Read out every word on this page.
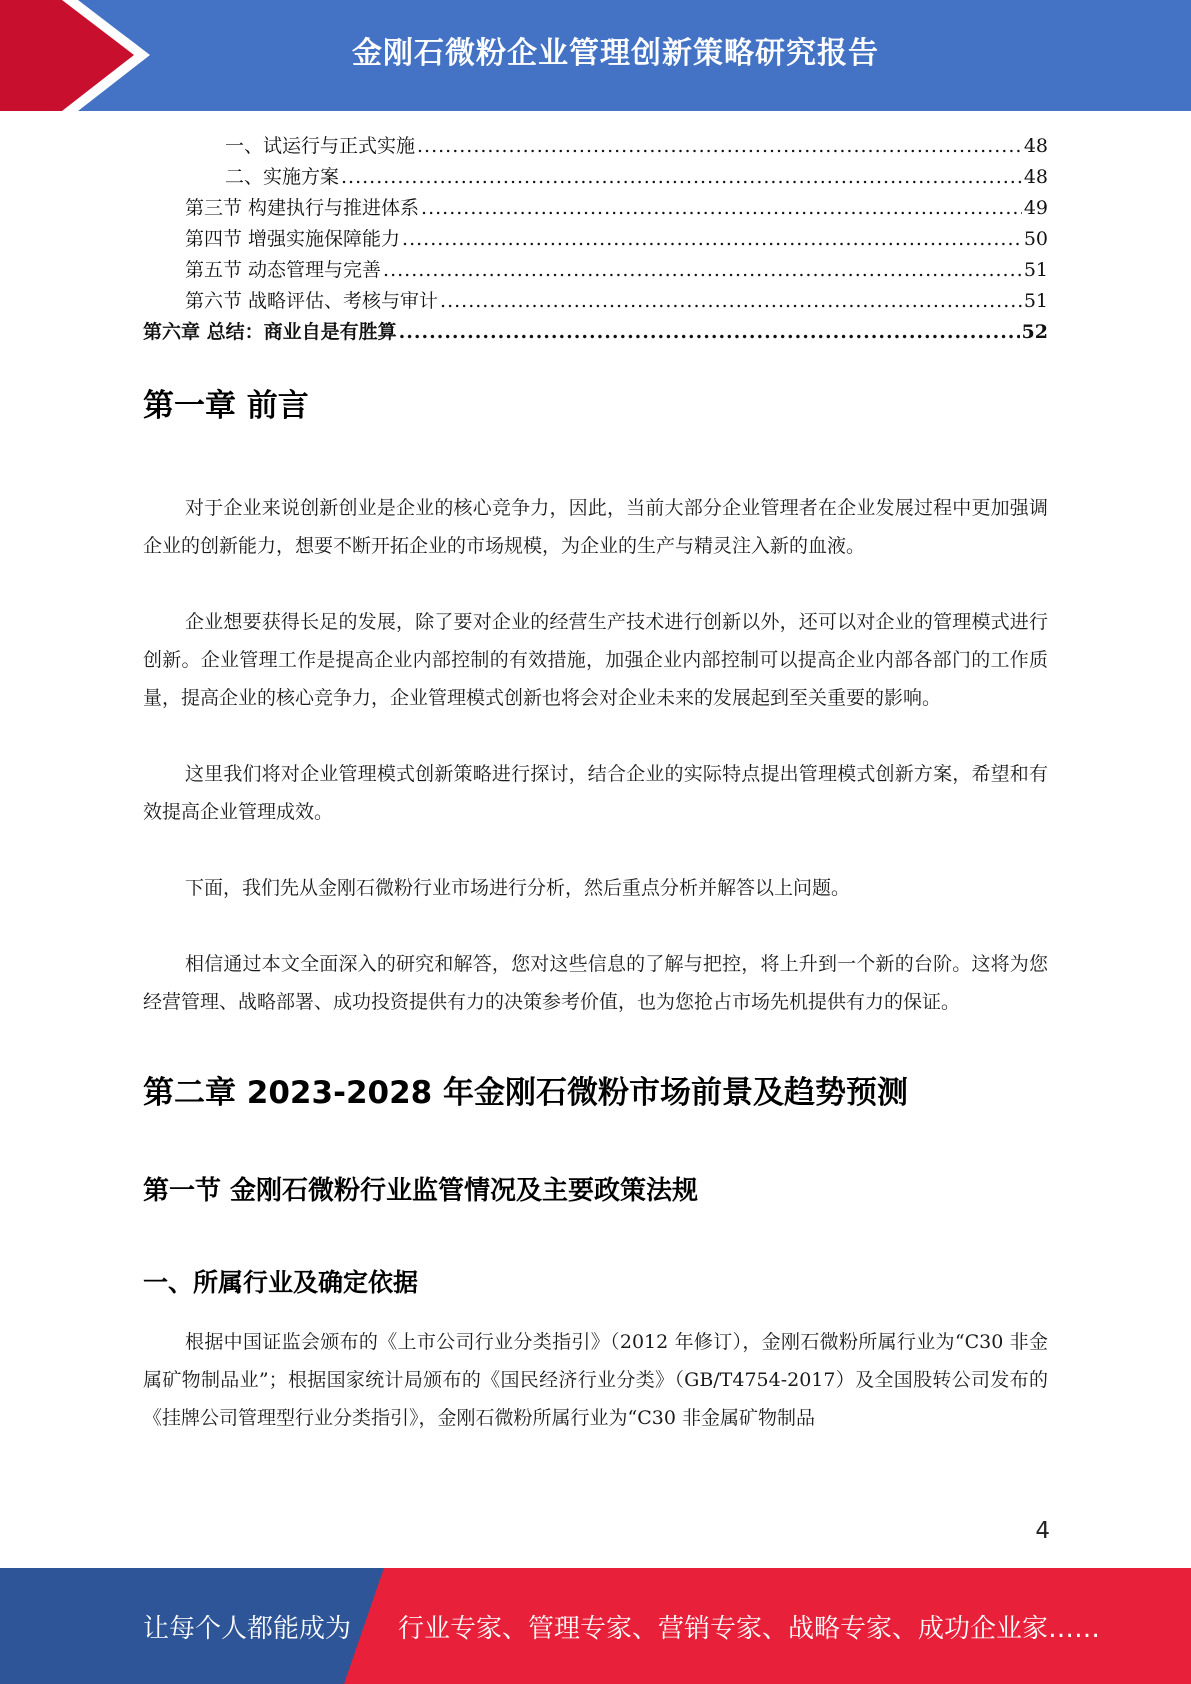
金刚石微粉企业管理创新策略研究报告
一、试运行与正式实施 .....	48
二、实施方案 .....	48
第三节 构建执行与推进体系 .....	49
第四节 增强实施保障能力 .....	50
第五节 动态管理与完善 .....	51
第六节 战略评估、考核与审计 .....	51
第六章 总结：商业自是有胜算 .....	52
第一章 前言

对于企业来说创新创业是企业的核心竞争力，因此，当前大部分企业管理者在企业发展过程中更加强调企业的创新能力，想要不断开拓企业的市场规模，为企业的生产与精灵注入新的血液。

企业想要获得长足的发展，除了要对企业的经营生产技术进行创新以外，还可以对企业的管理模式进行创新。企业管理工作是提高企业内部控制的有效措施，加强企业内部控制可以提高企业内部各部门的工作质量，提高企业的核心竞争力，企业管理模式创新也将会对企业未来的发展起到至关重要的影响。

这里我们将对企业管理模式创新策略进行探讨，结合企业的实际特点提出管理模式创新方案，希望和有效提高企业管理成效。

下面，我们先从金刚石微粉行业市场进行分析，然后重点分析并解答以上问题。

相信通过本文全面深入的研究和解答，您对这些信息的了解与把控，将上升到一个新的台阶。这将为您经营管理、战略部署、成功投资提供有力的决策参考价值，也为您抢占市场先机提供有力的保证。

第二章 2023-2028 年金刚石微粉市场前景及趋势预测
第一节 金刚石微粉行业监管情况及主要政策法规
一、所属行业及确定依据

根据中国证监会颁布的《上市公司行业分类指引》（2012 年修订），金刚石微粉所属行业为“C30 非金属矿物制品业”；根据国家统计局颁布的《国民经济行业分类》（GB/T4754-2017）及全国股转公司发布的《挂牌公司管理型行业分类指引》，金刚石微粉所属行业为“C30 非金属矿物制品

4
让每个人都能成为 行业专家、管理专家、营销专家、战略专家、成功企业家……
